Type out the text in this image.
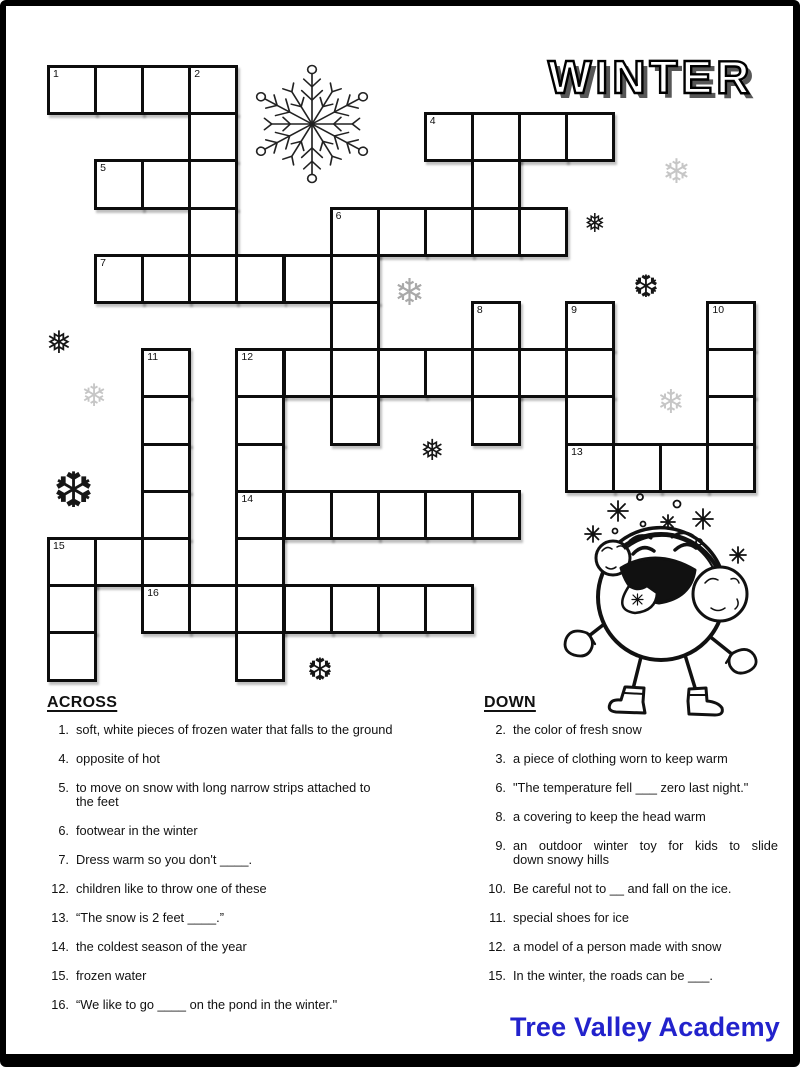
WINTER
1	2
4
5
6
7
8	9	10
11	12
13
14
15
16
ACROSS
1. soft, white pieces of frozen water that falls to the ground
4. opposite of hot
5. to move on snow with long narrow strips attached to
the feet
6. footwear in the winter
7. Dress warm so you don't ____.
12. children like to throw one of these
13. “The snow is 2 feet ____.”
14. the coldest season of the year
15. frozen water
16. “We like to go ____ on the pond in the winter."
DOWN
2. the color of fresh snow
3. a piece of clothing worn to keep warm
6. "The temperature fell ___ zero last night."
8. a covering to keep the head warm
9. an outdoor winter toy for kids to slide
down snowy hills
10. Be careful not to __ and fall on the ice.
11. special shoes for ice
12. a model of a person made with snow
15. In the winter, the roads can be ___.
Tree Valley Academy
❄
❅
❆
❄
❅
❄	❄
❆
❅
❆
